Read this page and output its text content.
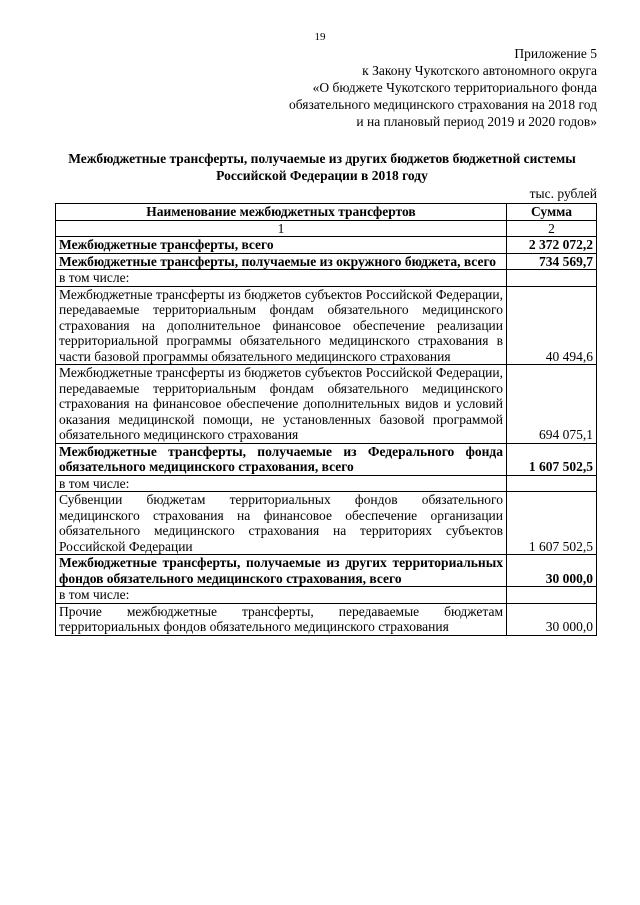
19
Приложение 5
к Закону Чукотского автономного округа
«О бюджете Чукотского территориального фонда
обязательного медицинского страхования на 2018 год
и на плановый период 2019 и 2020 годов»
Межбюджетные трансферты, получаемые из других бюджетов бюджетной системы Российской Федерации в 2018 году
тыс. рублей
Наименование межбюджетных трансфертов	Сумма
1	2
Межбюджетные трансферты, всего	2 372 072,2
Межбюджетные трансферты, получаемые из окружного бюджета, всего	734 569,7
в том числе:	
Межбюджетные трансферты из бюджетов субъектов Российской Федерации, передаваемые территориальным фондам обязательного медицинского страхования на дополнительное финансовое обеспечение реализации территориальной программы обязательного медицинского страхования в части базовой программы обязательного медицинского страхования	40 494,6
Межбюджетные трансферты из бюджетов субъектов Российской Федерации, передаваемые территориальным фондам обязательного медицинского страхования на финансовое обеспечение дополнительных видов и условий оказания медицинской помощи, не установленных базовой программой обязательного медицинского страхования	694 075,1
Межбюджетные трансферты, получаемые из Федерального фонда обязательного медицинского страхования, всего	1 607 502,5
в том числе:	
Субвенции бюджетам территориальных фондов обязательного медицинского страхования на финансовое обеспечение организации обязательного медицинского страхования на территориях субъектов Российской Федерации	1 607 502,5
Межбюджетные трансферты, получаемые из других территориальных фондов обязательного медицинского страхования, всего	30 000,0
в том числе:	
Прочие межбюджетные трансферты, передаваемые бюджетам территориальных фондов обязательного медицинского страхования	30 000,0
